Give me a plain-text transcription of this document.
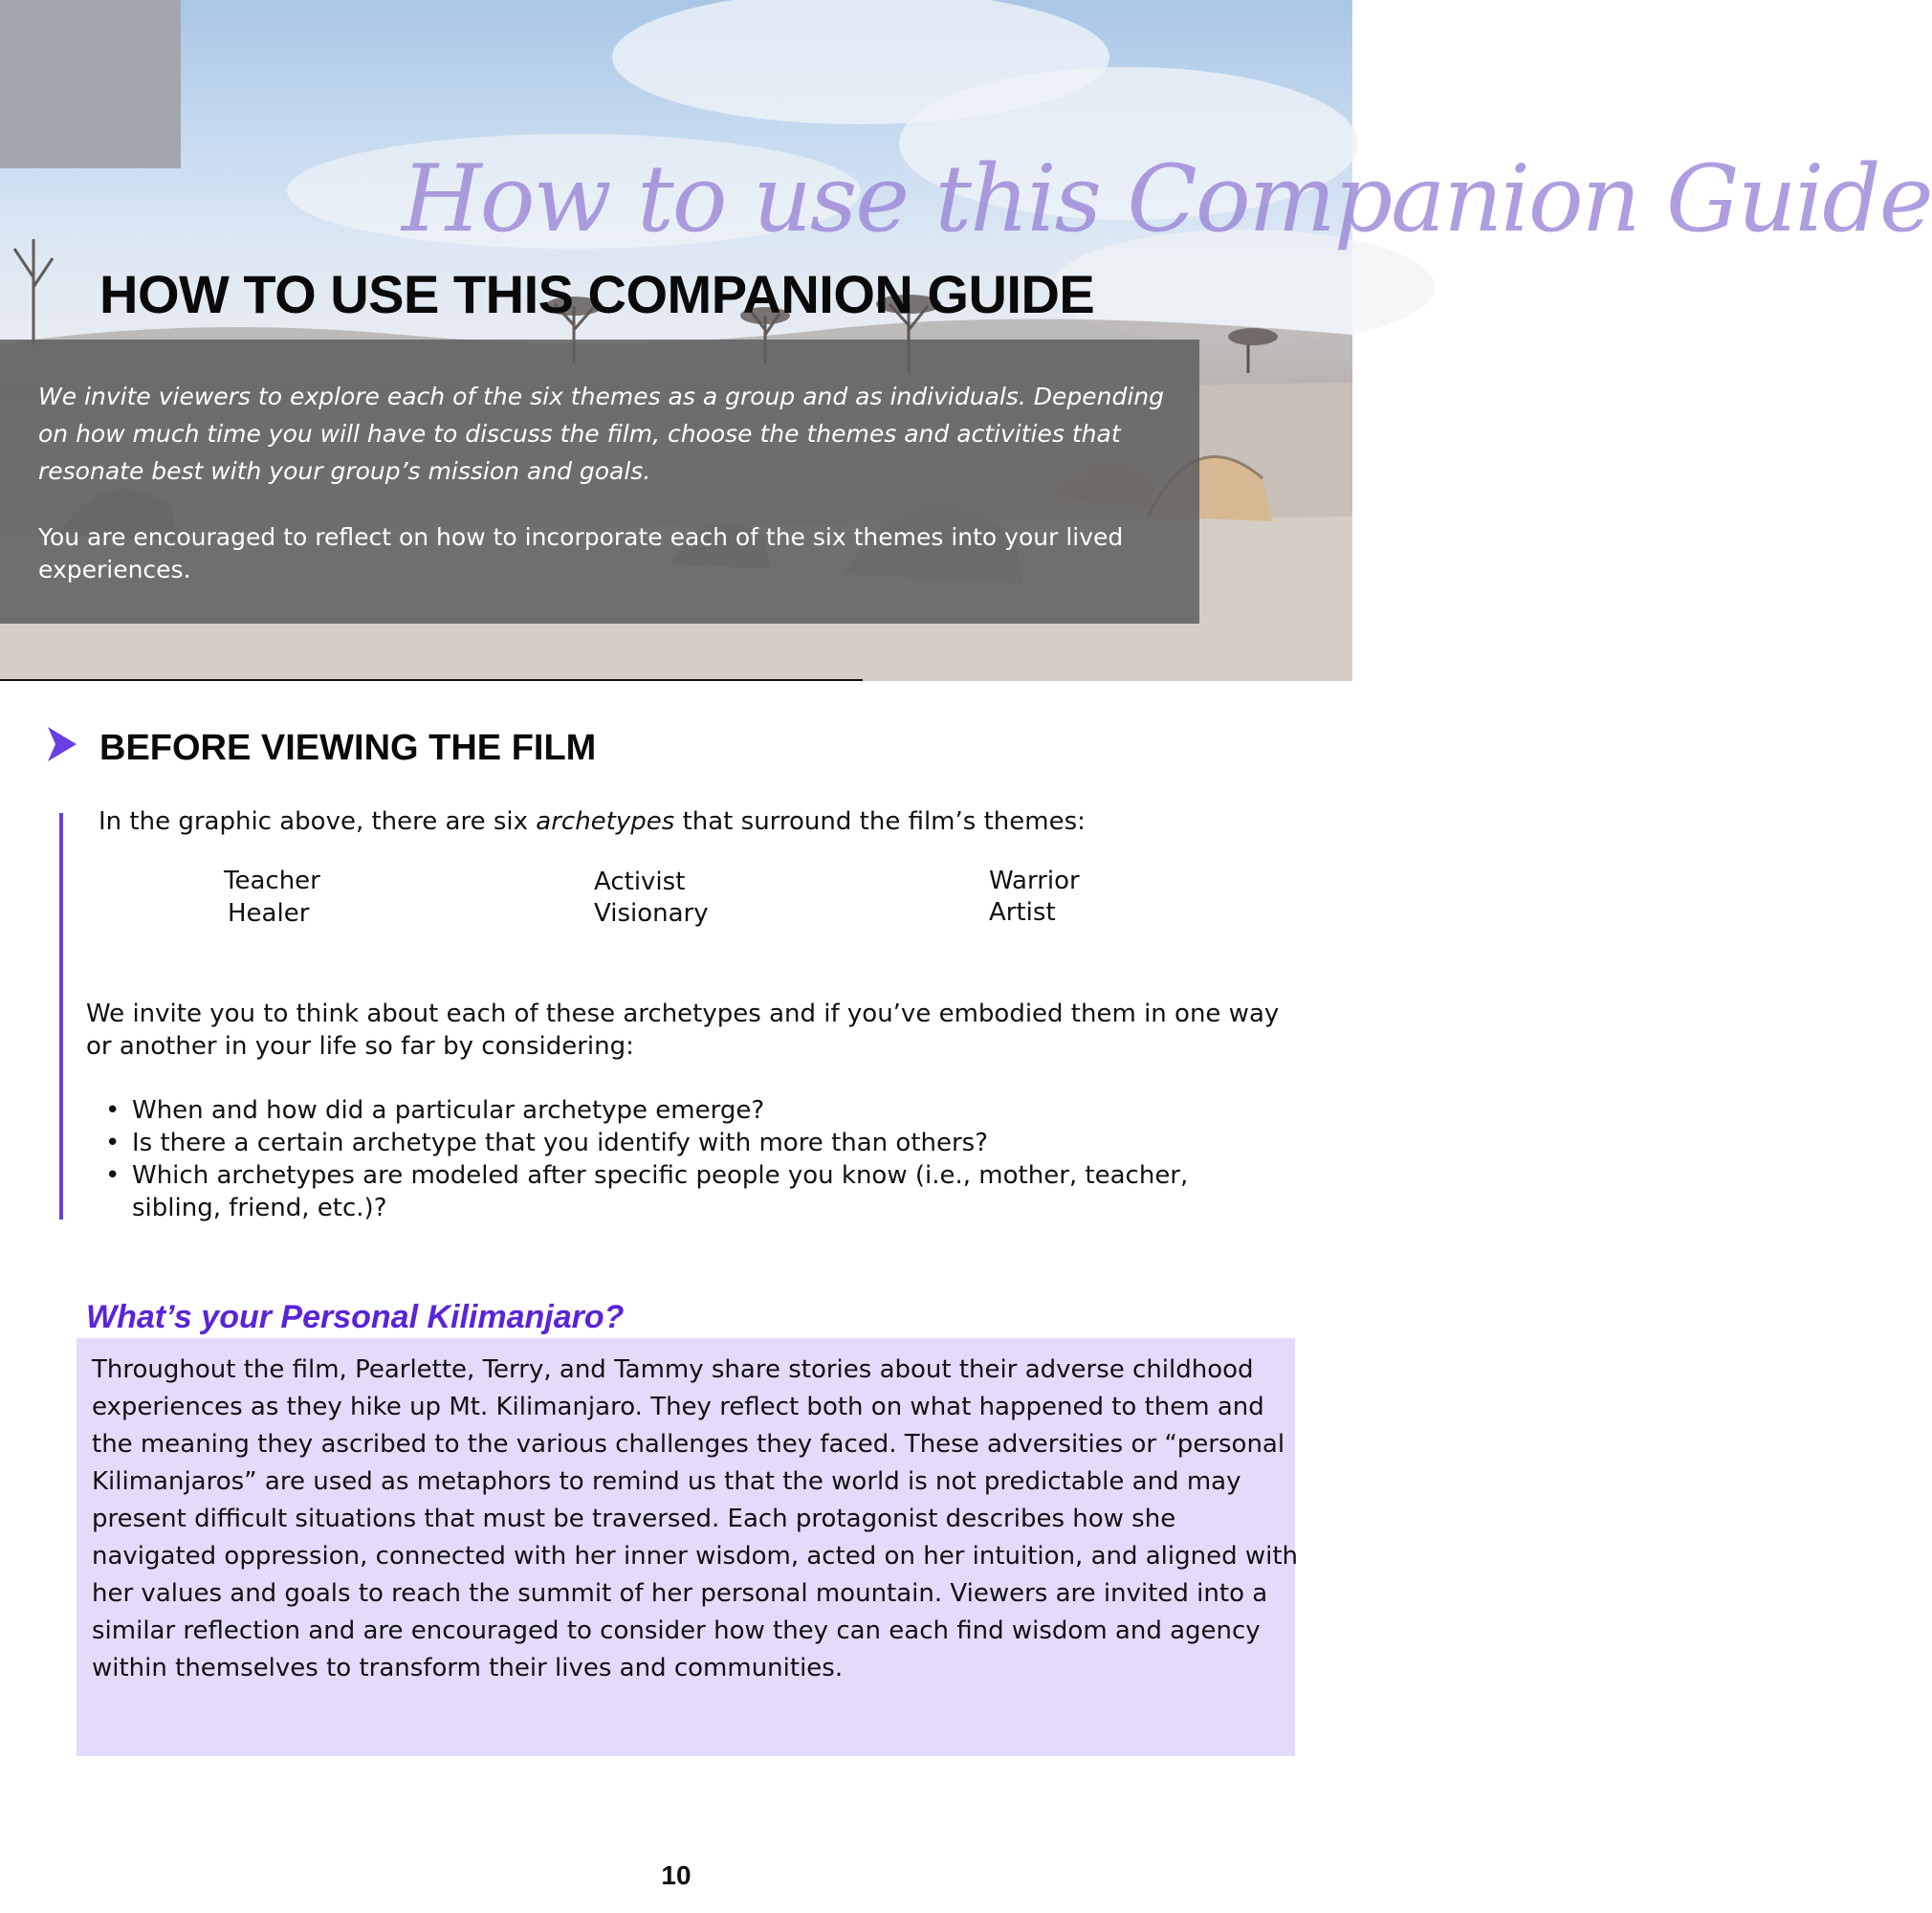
How to use this Companion Guide
HOW TO USE THIS COMPANION GUIDE

We invite viewers to explore each of the six themes as a group and as individuals. Depending on how much time you will have to discuss the film, choose the themes and activities that resonate best with your group’s mission and goals.

You are encouraged to reflect on how to incorporate each of the six themes into your lived experiences.

BEFORE VIEWING THE FILM

In the graphic above, there are six archetypes that surround the film’s themes:

Teacher
Healer
Activist
Visionary
Warrior
Artist

We invite you to think about each of these archetypes and if you’ve embodied them in one way or another in your life so far by considering:

• When and how did a particular archetype emerge?
• Is there a certain archetype that you identify with more than others?
• Which archetypes are modeled after specific people you know (i.e., mother, teacher, sibling, friend, etc.)?
What’s your Personal Kilimanjaro?

Throughout the film, Pearlette, Terry, and Tammy share stories about their adverse childhood experiences as they hike up Mt. Kilimanjaro. They reflect both on what happened to them and the meaning they ascribed to the various challenges they faced. These adversities or “personal Kilimanjaros” are used as metaphors to remind us that the world is not predictable and may present difficult situations that must be traversed. Each protagonist describes how she navigated oppression, connected with her inner wisdom, acted on her intuition, and aligned with her values and goals to reach the summit of her personal mountain. Viewers are invited into a similar reflection and are encouraged to consider how they can each find wisdom and agency within themselves to transform their lives and communities.

10
